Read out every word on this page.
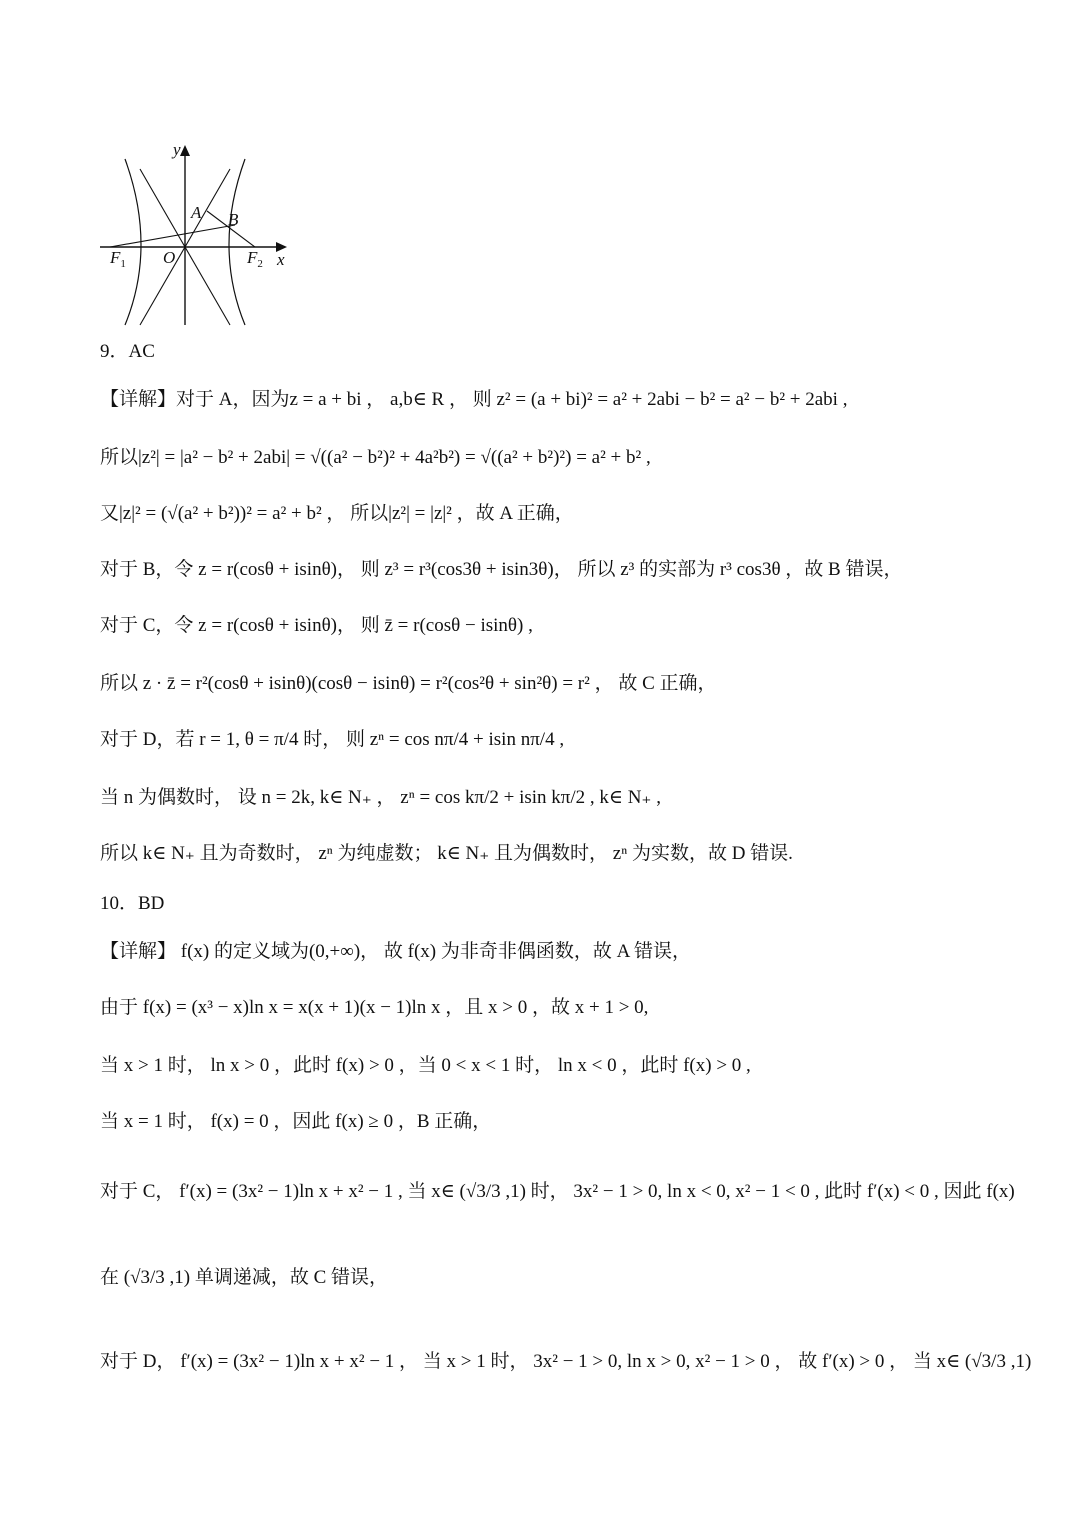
y
x
A B
O
$F_1$	$F_2$
9．AC
【详解】对于 A，因为z = a + bi ， a,b∈ R ， 则 z² = (a + bi)² = a² + 2abi − b² = a² − b² + 2abi ,
所以|z²| = |a² − b² + 2abi| = √((a² − b²)² + 4a²b²) = √((a² + b²)²) = a² + b² ,
又|z|² = (√(a² + b²))² = a² + b² ， 所以|z²| = |z|² ，故 A 正确，
对于 B，令 z = r(cosθ + isinθ)， 则 z³ = r³(cos3θ + isin3θ)， 所以 z³ 的实部为 r³ cos3θ ，故 B 错误，
对于 C，令 z = r(cosθ + isinθ)， 则 z̄ = r(cosθ − isinθ) ,
所以 z · z̄ = r²(cosθ + isinθ)(cosθ − isinθ) = r²(cos²θ + sin²θ) = r² ， 故 C 正确，
对于 D，若 r = 1, θ = π/4 时， 则 zⁿ = cos nπ/4 + isin nπ/4 ,
当 n 为偶数时， 设 n = 2k, k∈ N₊ ， zⁿ = cos kπ/2 + isin kπ/2 , k∈ N₊ ,
所以 k∈ N₊ 且为奇数时， zⁿ 为纯虚数； k∈ N₊ 且为偶数时， zⁿ 为实数，故 D 错误.
10．BD
【详解】 f(x) 的定义域为(0,+∞)， 故 f(x) 为非奇非偶函数，故 A 错误，
由于 f(x) = (x³ − x)ln x = x(x + 1)(x − 1)ln x ，且 x > 0 ，故 x + 1 > 0,
当 x > 1 时， ln x > 0 ，此时 f(x) > 0 ，当 0 < x < 1 时， ln x < 0 ，此时 f(x) > 0 ,
当 x = 1 时， f(x) = 0 ，因此 f(x) ≥ 0 ，B 正确，
对于 C， f′(x) = (3x² − 1)ln x + x² − 1 , 当 x∈ (√3/3 ,1) 时， 3x² − 1 > 0, ln x < 0, x² − 1 < 0 , 此时 f′(x) < 0 , 因此 f(x)
在 (√3/3 ,1) 单调递减，故 C 错误，
对于 D， f′(x) = (3x² − 1)ln x + x² − 1 ， 当 x > 1 时， 3x² − 1 > 0, ln x > 0, x² − 1 > 0 ， 故 f′(x) > 0 ， 当 x∈ (√3/3 ,1)
